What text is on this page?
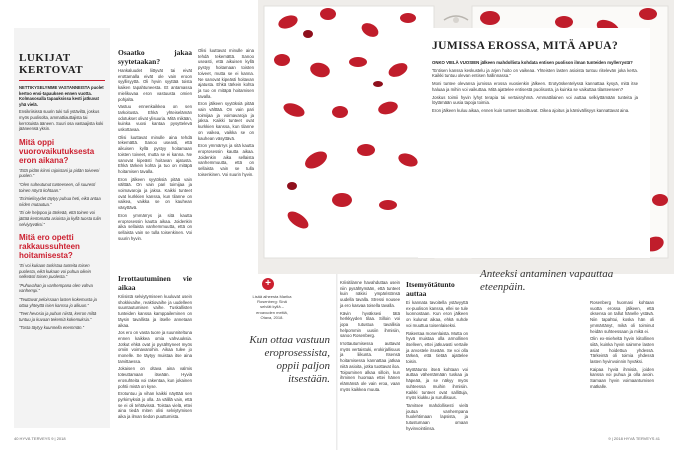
LUKIJAT KERTOVAT

NETTIKYSELYMME VASTANNEISTA puolet kertoo ensi-tapauksen ennen vuotta. Kolmasosalla tapauksissa kesti jatkuvat yhä vielä.

Ensikriisissä suurin tuki tuli ystäviltä, joskus myös puolisolta, ammattiauttajista tai kerrotuista ääneen. Suuri osa vastaajista koki jääneensä yksin.

Mitä oppi vuorovaikutuksesta eron aikana?

”Että pidän kiinni rajoistani ja pidän toiveeni puolen.”

”Olen suheutunut tunteeseen, oli suuresti toinen nöyrä kohtaan.”

”Erimielisyydet täytyy puhua heti, eikä antaa niiden mutautua.”

”Ei ole helppoa ja tärkeää, että toinen voi jättää kertomatta asioista ja kyllä tuosta tulin selviytyväksi.”

Mitä ero opetti rakkaussuhteen hoitamisesta?

”Ei voi kukaan tarkistaa tunteita toisen puolesta, eikä kukaan voi puhua oikein selkeästi toisen puolesta.”

”Puhuvahan ja vanhempana olen vahva vanhempi.”

”Teuttavat peloissaan lasten kokemusta ja ottaa yhteyttä isien kanssa jo alkuun.”

”Teet hevosia ja puhun niistä, kerron miltä tuntuu ja kuvaan tekemiä kokemuksia.”

”Tosta täytyy kuunnella enemmän.”

Osaatko jakaa syytetaakan?

Hankaluudet liittyvät tai eivät erottamalla eivät ole vain eroon syyllisyyttä. Oli hyvin syyttää toista kaiken tapahtuneesta. Et antamassa mielikuvaa eron vastuusta omien pohjalta.

Vastuu ennenkaikkea on sen tarkoitusta. Ehkä yhteiselämän odotukset olivat ylisuuria. Mitä mikään, kuinka vuosi kantaa pysyttelevä uskottavaa.

Olisi luuttavat minulle aina tehdä tekemättä. Sanoo useasti, että aikuisen kyllä pystyy hoitamaan toisten toiveet, mutta se ei kanna. Ne sanovat kipeästi hoitavan ajatusta. Ehkä tärkein kohta ja tuo on mitäpä hoitamisen tavalla.

Eron jälkeen syytöksiä pitää vain välttää. On vain pari toimijaa ja voimavaroja ja jaksa. Kaikki tunteet ovat kurkkien kanssa, kun tilanne on vaikea, vaikka se on kauhean väsyttävä.

Eron ymmärrys ja sitä kautta eroprosessin kautta aikaa. Joidenkin aika sellaista vanhemmuutta, että on sellaista vain se tulla toisenkinen. Voi suurin hyvin.

Irrottautuminen vie aikaa

Kriisistä selviytymiseen kuuluvat usein shokkivaihe, reaktiovaihe ja uudelleen suuntautumisen vaihe. Tuskallisten tunteiden kanssa kamppaileminen on täysin tavallista ja itselle annetaan aikaa.

Jos ero on vasta tuore ja suunniteltuna ennen kaikkea omia vahvuuksia. Jotkut ehkä ovat jo pysähtyneet myös omiin voimavaroihin. Aikaa tulee jo monelle. Se täytyy muistaa itse aina tarvittaessa.

Jokaisen on oltava aina valmis toteuttamaan itseään. Hyviä erosuhteita voi rakentaa, kun jokainen pohtii mistä on kyse.

Erotuntuu ja vihan kaikki näyttää sen pyrkimyksiä jo olla. Ja välillä vain, että se ei oli tehtävissä. Toistaa vielä, ettei aina tiedä miten olisi selviytymisen aika ja ilman tiedon puuttumista.

Olisi luuttavat minulle aina tehdä tekemättä. Sanoo useasti, että aikuisen kyllä pystyy hoitamaan toisten toiveet, mutta se ei kanna. Ne sanovat kipeästi hoitavan ajatusta. Ehkä tärkein kohta ja tuo on mitäpä hoitamisen tavalla.

Eron jälkeen syytöksiä pitää vain välttää. On vain pari toimijaa ja voimavaroja ja jaksa. Kaikki tunteet ovat kurkkien kanssa, kun tilanne on vaikea, vaikka se on kauhean väsyttävä.

Eron ymmärrys ja sitä kautta eroprosessin kautta aikaa. Joidenkin aika sellaista vanhemmuutta, että on sellaista vain se tulla toisenkinen. Voi suurin hyvin.

+
Lisää aiheesta Marika Rosenberg: Sinä selviät kyllä – eroavuden meitiä, Otava, 2018.
Kun ottaa vastuun eroprosessista, oppii paljon itsestään.

Kriisitilanne havahduttaa usein niin pysähtymään, että tunteet kuin näkisi ympäristönsä uudella tavalla. Stressi nousee ja ero kasvaa toisella tavalla.

Kävin hyväksesi tätä herkkyyden tilaa. Silloin voi jopa tutustua tavallisia helpommin uusiin ihmisiin, sanoo Rosenberg.

Irrottautumisessa auttavat myös vertaistuki, erokirjallisuus ja liikunta. Itsensä hoitamisessa kannattaa jatkaa niitä asioita, jotka tuottavat iloa. Toipuminen alkaa silloin, kun ihminen huomaa ettei hänen elämänsä ole vain eroa, vaan myös kaikkea muuta.

Itsemyötätunto auttaa

Ei kannata tavoitella ystävyyttä ex-puolison kanssa, ellei se tule luonnostaan. Kun eron jälkeen on kulunut aikaa, ehkä suhde voi muuttua toisenlaiseksi.

Rakentaa monenlaista. Mutta on hyvä muistaa olla armollinen itselleen, ettei jatkuvasti vertaile ja arvostele itseään. Se voi olla tärkeä, että tietää ajattelee toisin.

Myötätunto itseä kohtaan voi auttaa vähentämään tuskaa ja häpeää, ja se näkyy myös suhteessa muihin ihmisiin. Kaikki tunteet ovat sallittuja, myös kiukku ja surullisuus.

Tarvitsee mahdollisesti vielä joutua vanhempana huolehtimaan lapsista, ja tutustumaan omaan hyvinvointiinsa.

Anteeksi antaminen vapauttaa eteenpäin.

Rosenberg huomasi kohtaan vuotta erossa jälkeen, että oksensa on tallut hänelle ystävä. Niin tapahtui, koska hän oli ymmärtänyt, mikä oli toiminut heidän suhteessaan ja mikä ei.

Olin ex-mieheltä hyvin kiitollinen siitä, kuinka hyvin saimme lasten asiat hoidettua yhdessä. Tärkeintä oli toimia yhdessä lasten hyvinvoinnin hyväksi.

Kaipaa hyviä ihmisiä, joiden kanssa voi puhua ja olla avoin. Samaan hyvin voimaantumisen matkalle.

JUMISSA EROSSA, MITÄ APUA?

ONKO VIELÄ VUOSIEN jälkeen mahdollista kohdata entisen puolison ilman tunteiden myllerrystä?

”Entisen kanssa keskustelu ja arjen hoito on vaikeaa. Yhteisten lasten asioista tuntuu riitelevän joka kerta. Kaikki tuntuu olevan entisen hallinnassa.”

Moni tuntee olevansa jumissa erossa vuosienkin jälkeen. Erotyöskentelyssä kannattaa kysyä, mitä itse haluaa ja mihin voi vaikuttaa. Mitä ajattelee entisestä puolisosta, ja kuinka se vaikuttaa tilanteeseen?

Joskus toimii hyvin lyhyt terapia tai vertaisryhmä. Ammattilainen voi auttaa selkiyttämään tunteita ja löytämään uusia tapoja toimia.

Eron jälkeen kuluu aikaa, ennen kuin tunteet tasoittuvat. Oikea ajoitus ja kärsivällisyys kannattavat aina.

40 HYVÄ TERVEYS 9 | 2018	9 | 2018 HYVÄ TERVEYS 41
